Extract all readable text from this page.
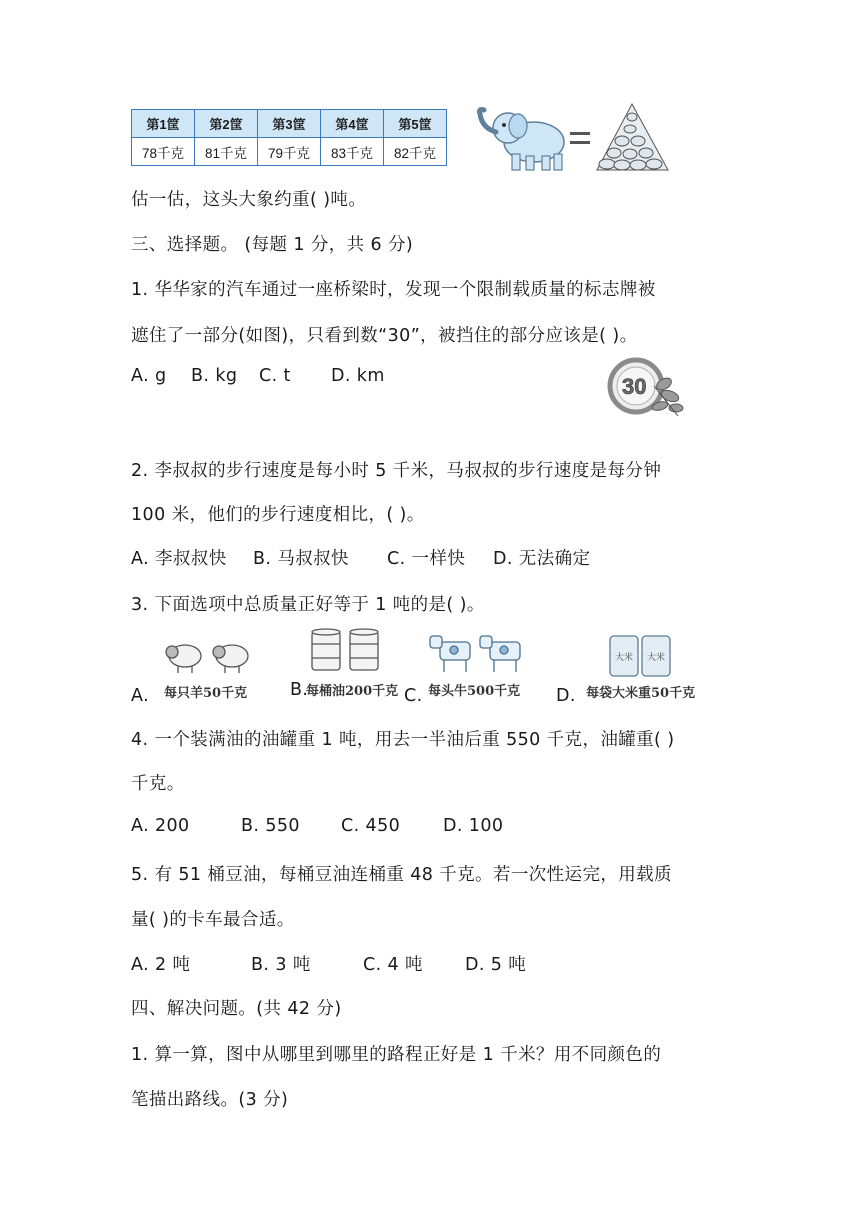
第1筐	第2筐	第3筐	第4筐	第5筐
78千克	81千克	79千克	83千克	82千克
估一估，这头大象约重( )吨。
三、选择题。 (每题 1 分，共 6 分)
1. 华华家的汽车通过一座桥梁时，发现一个限制载质量的标志牌被
遮住了一部分(如图)，只看到数“30”，被挡住的部分应该是( )。
A. g B. kg C. t D. km	30
2. 李叔叔的步行速度是每小时 5 千米，马叔叔的步行速度是每分钟
100 米，他们的步行速度相比，( )。
A. 李叔叔快 B. 马叔叔快 C. 一样快 D. 无法确定
3. 下面选项中总质量正好等于 1 吨的是( )。
A. 每只羊50千克 B.
每桶油200千克 C. 每头牛500千克 D.
大米 大米
每袋大米重50千克
4. 一个装满油的油罐重 1 吨，用去一半油后重 550 千克，油罐重( )
千克。
A. 200	B. 550 C. 450 D. 100
5. 有 51 桶豆油，每桶豆油连桶重 48 千克。若一次性运完，用载质
量( )的卡车最合适。
A. 2 吨	B. 3 吨	C. 4 吨 D. 5 吨
四、解决问题。(共 42 分)
1. 算一算，图中从哪里到哪里的路程正好是 1 千米？用不同颜色的
笔描出路线。(3 分)
